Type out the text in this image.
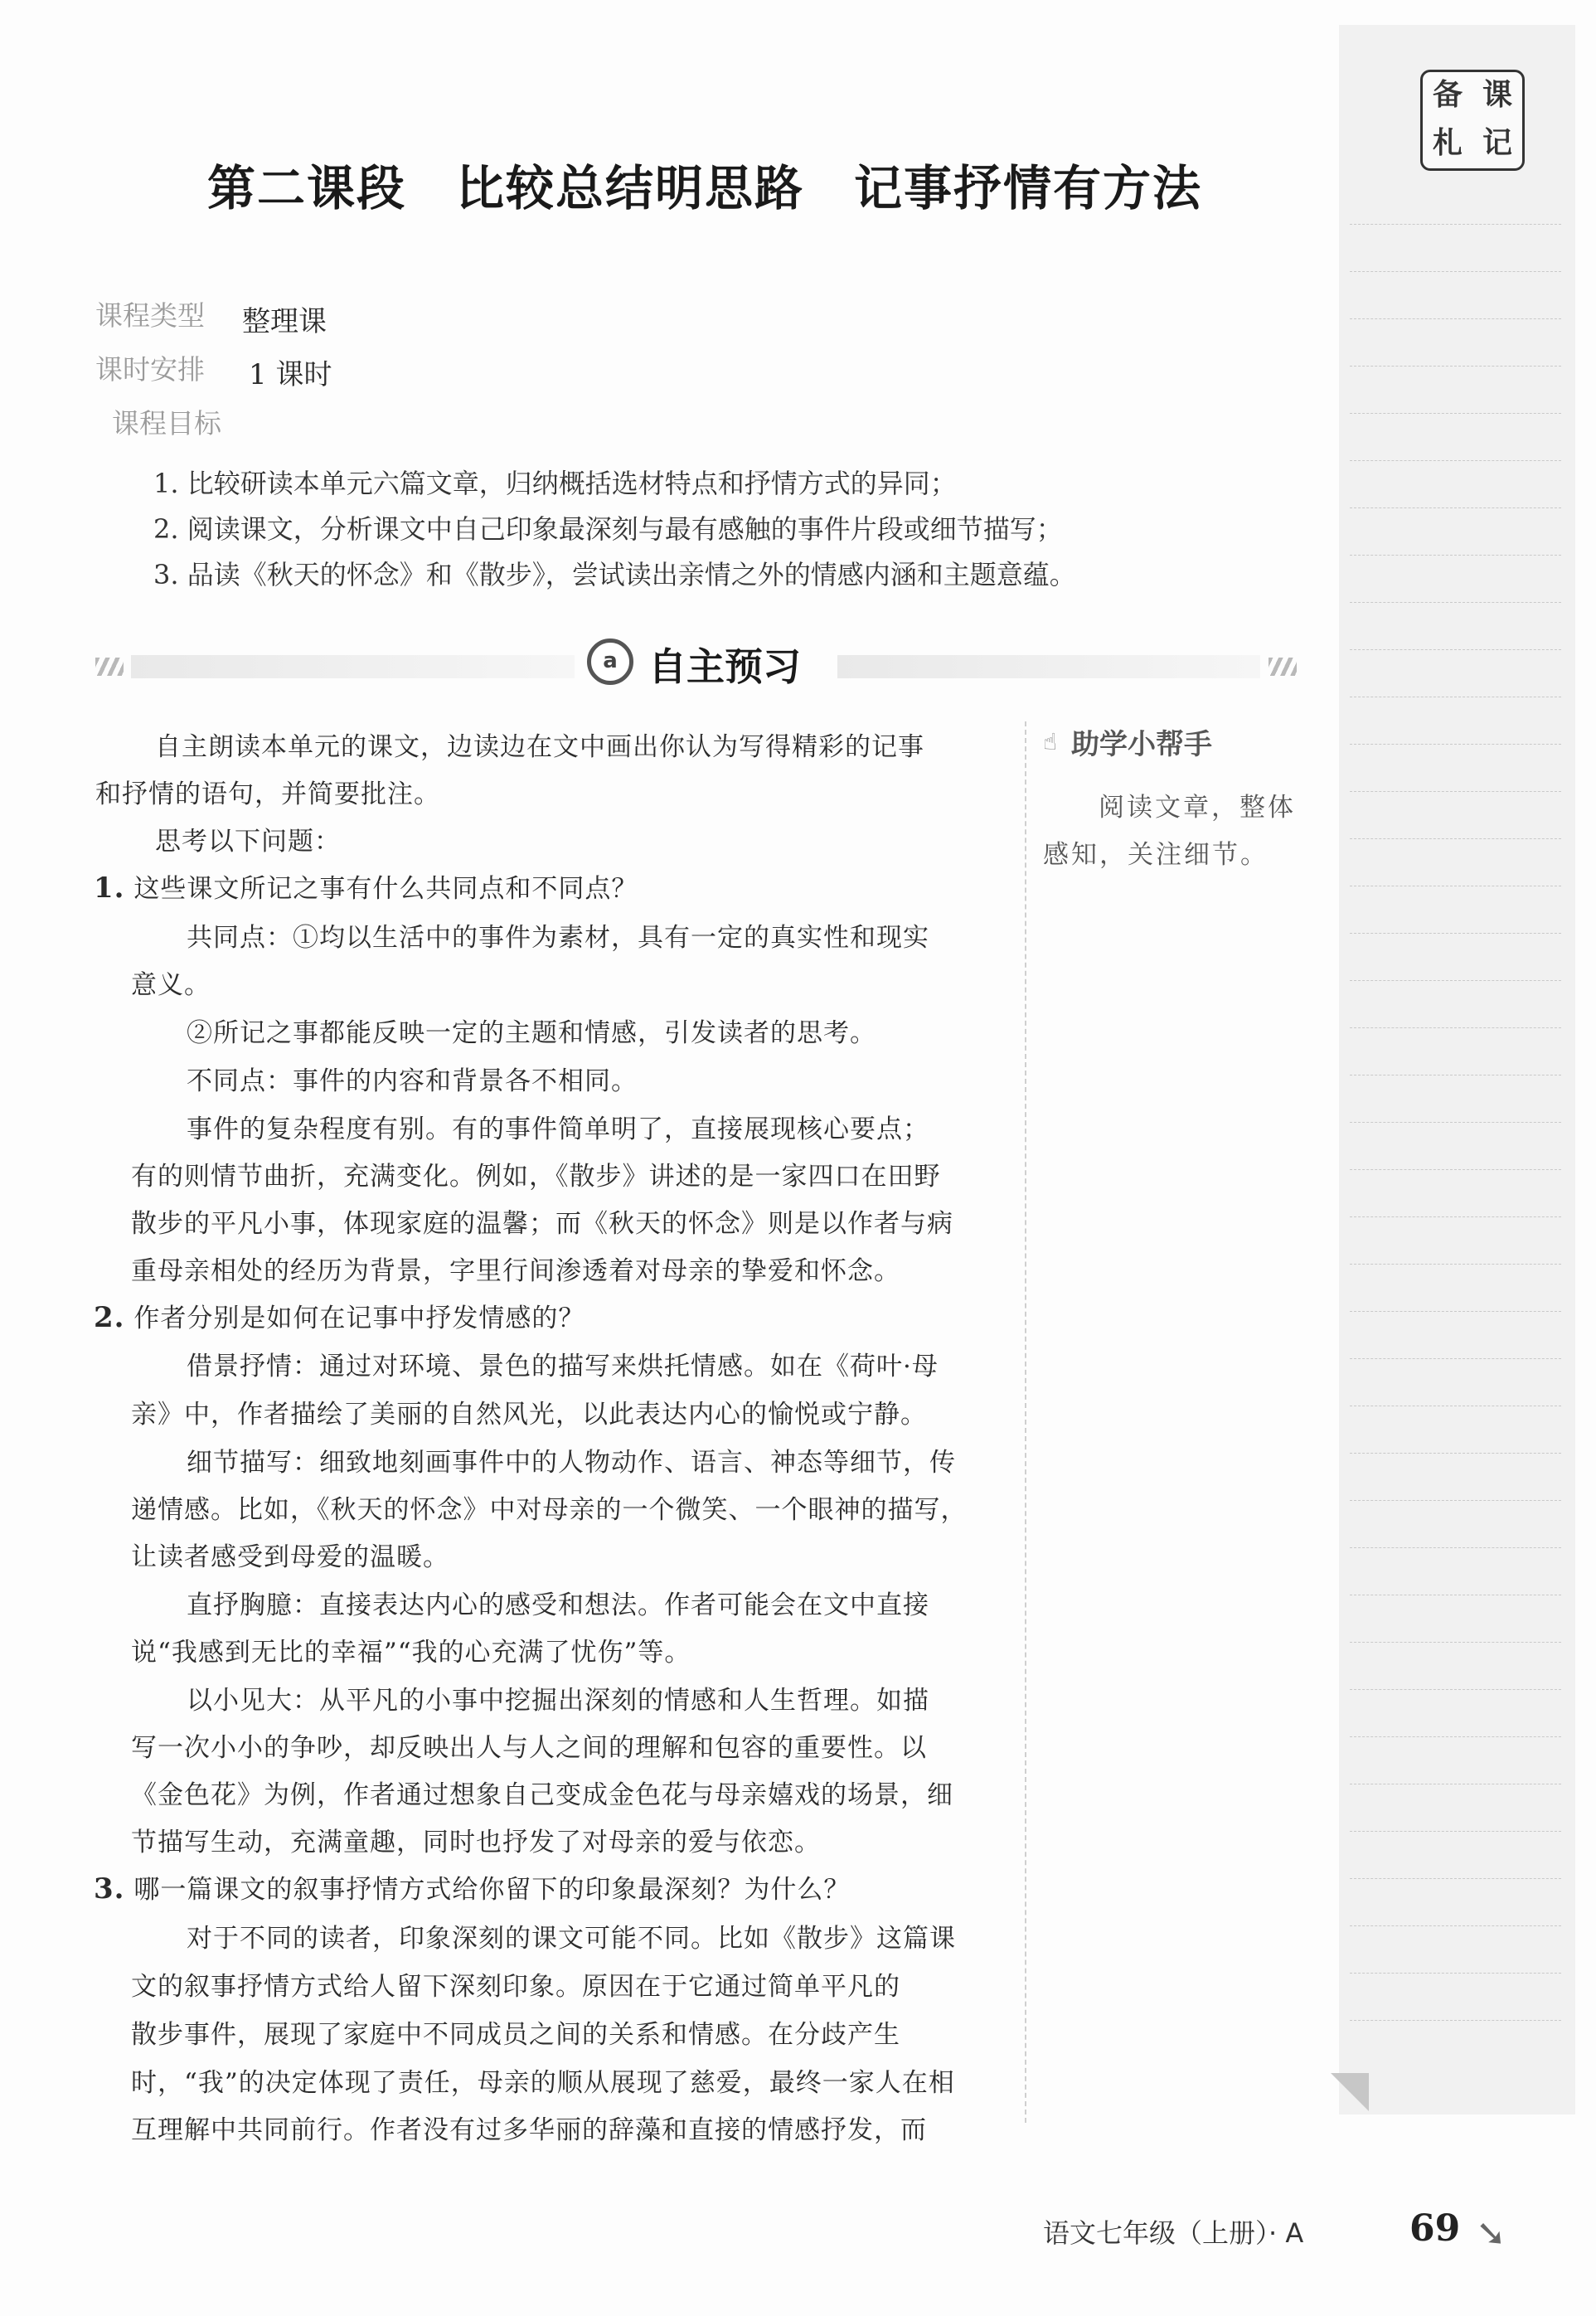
备 课
札 记
第二课段　比较总结明思路　记事抒情有方法
课程类型 整理课
课时安排 1 课时
课程目标
1. 比较研读本单元六篇文章，归纳概括选材特点和抒情方式的异同；
2. 阅读课文，分析课文中自己印象最深刻与最有感触的事件片段或细节描写；
3. 品读《秋天的怀念》和《散步》，尝试读出亲情之外的情感内涵和主题意蕴。
a 自主预习
☝ 助学小帮手
阅读文章，整体
感知，关注细节。
自主朗读本单元的课文，边读边在文中画出你认为写得精彩的记事
和抒情的语句，并简要批注。
思考以下问题：
1. 这些课文所记之事有什么共同点和不同点？
共同点：①均以生活中的事件为素材，具有一定的真实性和现实
意义。
②所记之事都能反映一定的主题和情感，引发读者的思考。
不同点：事件的内容和背景各不相同。
事件的复杂程度有别。有的事件简单明了，直接展现核心要点；
有的则情节曲折，充满变化。例如，《散步》讲述的是一家四口在田野
散步的平凡小事，体现家庭的温馨；而《秋天的怀念》则是以作者与病
重母亲相处的经历为背景，字里行间渗透着对母亲的挚爱和怀念。
2. 作者分别是如何在记事中抒发情感的？
借景抒情：通过对环境、景色的描写来烘托情感。如在《荷叶·母
亲》中，作者描绘了美丽的自然风光，以此表达内心的愉悦或宁静。
细节描写：细致地刻画事件中的人物动作、语言、神态等细节，传
递情感。比如，《秋天的怀念》中对母亲的一个微笑、一个眼神的描写，
让读者感受到母爱的温暖。
直抒胸臆：直接表达内心的感受和想法。作者可能会在文中直接
说“我感到无比的幸福”“我的心充满了忧伤”等。
以小见大：从平凡的小事中挖掘出深刻的情感和人生哲理。如描
写一次小小的争吵，却反映出人与人之间的理解和包容的重要性。以
《金色花》为例，作者通过想象自己变成金色花与母亲嬉戏的场景，细
节描写生动，充满童趣，同时也抒发了对母亲的爱与依恋。
3. 哪一篇课文的叙事抒情方式给你留下的印象最深刻？为什么？
对于不同的读者，印象深刻的课文可能不同。比如《散步》这篇课
文的叙事抒情方式给人留下深刻印象。原因在于它通过简单平凡的
散步事件，展现了家庭中不同成员之间的关系和情感。在分歧产生
时，“我”的决定体现了责任，母亲的顺从展现了慈爱，最终一家人在相
互理解中共同前行。作者没有过多华丽的辞藻和直接的情感抒发，而
语文七年级（上册）· A	69 ➘
